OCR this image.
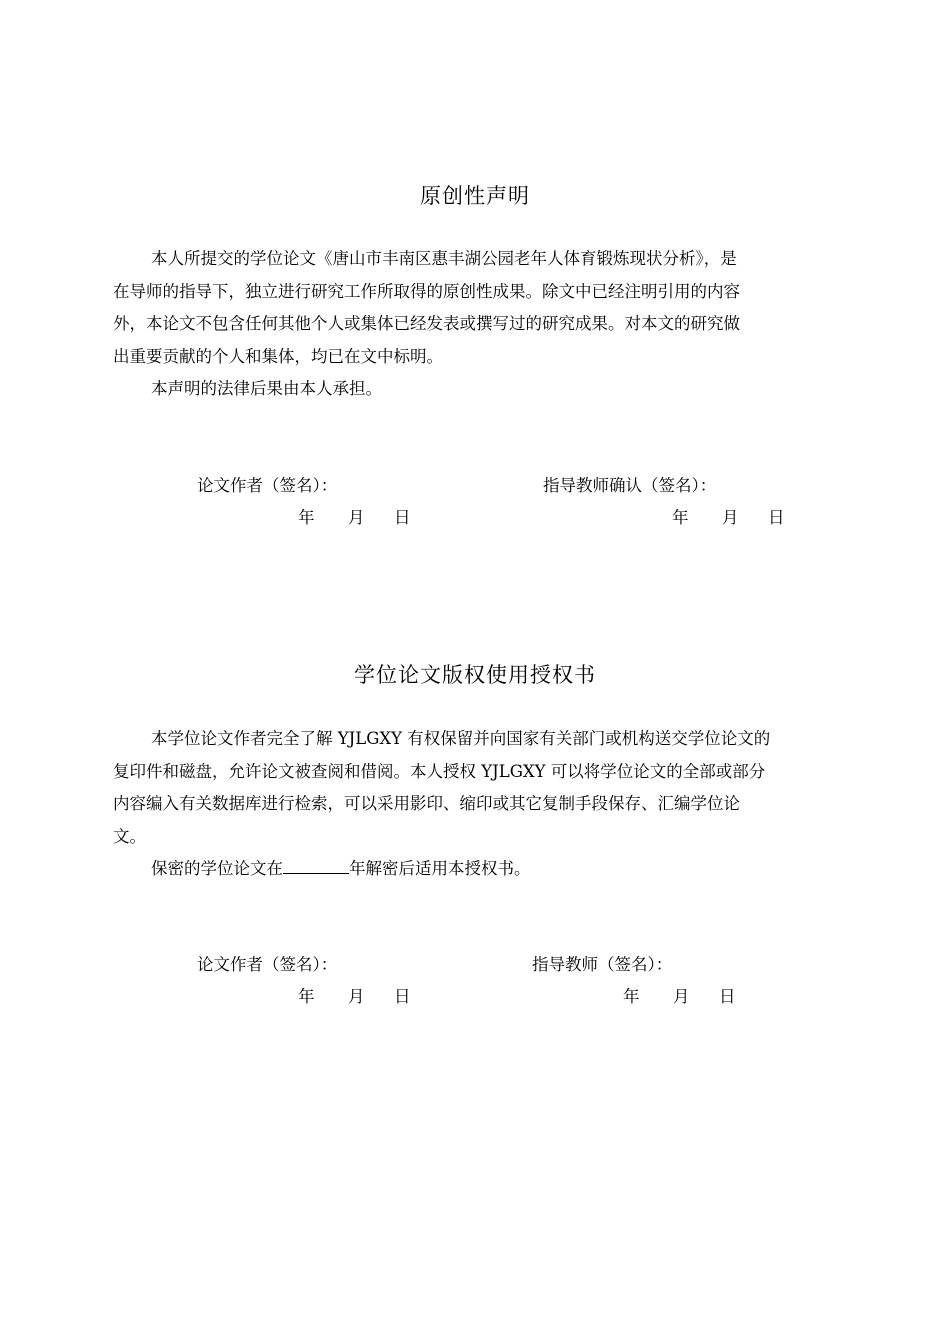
原创性声明
本人所提交的学位论文《唐山市丰南区惠丰湖公园老年人体育锻炼现状分析》，是
在导师的指导下，独立进行研究工作所取得的原创性成果。除文中已经注明引用的内容
外，本论文不包含任何其他个人或集体已经发表或撰写过的研究成果。对本文的研究做
出重要贡献的个人和集体，均已在文中标明。
本声明的法律后果由本人承担。
论文作者（签名）：	指导教师确认（签名）：
年 月 日	年 月 日
学位论文版权使用授权书
本学位论文作者完全了解 YJLGXY 有权保留并向国家有关部门或机构送交学位论文的
复印件和磁盘，允许论文被查阅和借阅。本人授权 YJLGXY 可以将学位论文的全部或部分
内容编入有关数据库进行检索，可以采用影印、缩印或其它复制手段保存、汇编学位论
文。
保密的学位论文在	年解密后适用本授权书。
论文作者（签名）：	指导教师（签名）：
年 月 日	年 月 日
